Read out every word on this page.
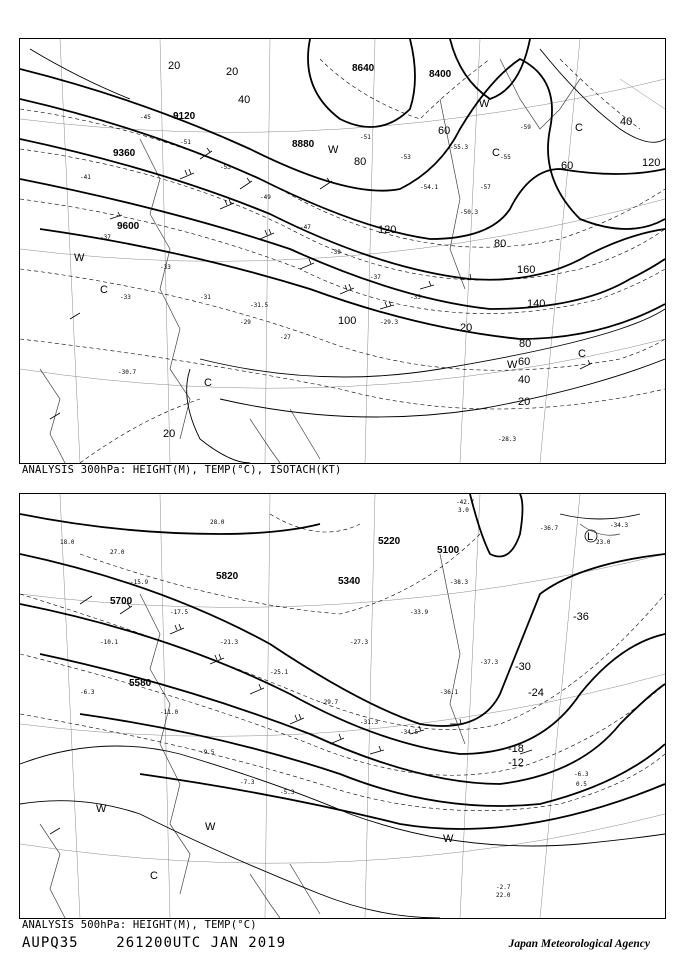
-45
-51
-53
-49
-47
-39
-37
-35
-33
-31
-29
-27
-57
-55
-59
-53
-51
-41
-37
-33
-28.3
-30.7
-31.5
-29.3
-55.3
-54.1
-50.3
9120
9360
9600
8640
8400
8880
20	20
20
40
40
60
60
80
80
100
120
120
140
160
20
40
60
80
20
W
W
W
W
C
C
C
C
C
ANALYSIS 300hPa: HEIGHT(M), TEMP(°C), ISOTACH(KT)
-15.9
-17.5
-21.3
-25.1
-29.7
-31.3
-34.5
-36.1
-37.3
-11.0
-9.5
-7.3
-5.3
-6.3
-10.1	-27.3
-33.9
-38.3
18.0
27.0
28.0
-2.7
22.0
-6.3
0.5
-42.7
3.0
-36.7
23.0
-34.3
5700
5820	5340
5220
5100
5580
-36
-30
-24
-18
-12
L
W
W
W
C
ANALYSIS 500hPa: HEIGHT(M), TEMP(°C)
AUPQ35	261200UTC JAN 2019	Japan Meteorological Agency
